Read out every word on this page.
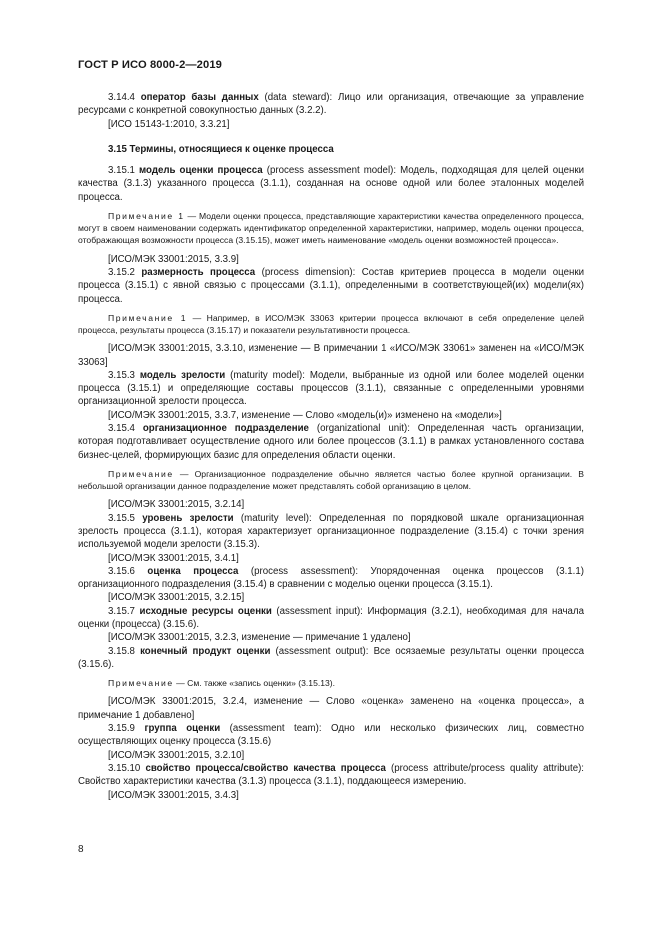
ГОСТ Р ИСО 8000-2—2019

3.14.4 оператор базы данных (data steward): Лицо или организация, отвечающие за управление ресурсами с конкретной совокупностью данных (3.2.2).

[ИСО 15143-1:2010, 3.3.21]

3.15 Термины, относящиеся к оценке процесса

3.15.1 модель оценки процесса (process assessment model): Модель, подходящая для целей оценки качества (3.1.3) указанного процесса (3.1.1), созданная на основе одной или более эталонных моделей процесса.

Примечание 1 — Модели оценки процесса, представляющие характеристики качества определенного процесса, могут в своем наименовании содержать идентификатор определенной характеристики, например, модель оценки процесса, отображающая возможности процесса (3.15.15), может иметь наименование «модель оценки возможностей процесса».

[ИСО/МЭК 33001:2015, 3.3.9]

3.15.2 размерность процесса (process dimension): Состав критериев процесса в модели оценки процесса (3.15.1) с явной связью с процессами (3.1.1), определенными в соответствующей(их) модели(ях) процесса.

Примечание 1 — Например, в ИСО/МЭК 33063 критерии процесса включают в себя определение целей процесса, результаты процесса (3.15.17) и показатели результативности процесса.

[ИСО/МЭК 33001:2015, 3.3.10, изменение — В примечании 1 «ИСО/МЭК 33061» заменен на «ИСО/МЭК 33063]

3.15.3 модель зрелости (maturity model): Модели, выбранные из одной или более моделей оценки процесса (3.15.1) и определяющие составы процессов (3.1.1), связанные с определенными уровнями организационной зрелости процесса.

[ИСО/МЭК 33001:2015, 3.3.7, изменение — Слово «модель(и)» изменено на «модели»]

3.15.4 организационное подразделение (organizational unit): Определенная часть организации, которая подготавливает осуществление одного или более процессов (3.1.1) в рамках установленного состава бизнес-целей, формирующих базис для определения области оценки.

Примечание — Организационное подразделение обычно является частью более крупной организации. В небольшой организации данное подразделение может представлять собой организацию в целом.

[ИСО/МЭК 33001:2015, 3.2.14]

3.15.5 уровень зрелости (maturity level): Определенная по порядковой шкале организационная зрелость процесса (3.1.1), которая характеризует организационное подразделение (3.15.4) с точки зрения используемой модели зрелости (3.15.3).

[ИСО/МЭК 33001:2015, 3.4.1]

3.15.6 оценка процесса (process assessment): Упорядоченная оценка процессов (3.1.1) организационного подразделения (3.15.4) в сравнении с моделью оценки процесса (3.15.1).

[ИСО/МЭК 33001:2015, 3.2.15]

3.15.7 исходные ресурсы оценки (assessment input): Информация (3.2.1), необходимая для начала оценки (процесса) (3.15.6).

[ИСО/МЭК 33001:2015, 3.2.3, изменение — примечание 1 удалено]

3.15.8 конечный продукт оценки (assessment output): Все осязаемые результаты оценки процесса (3.15.6).

Примечание — См. также «запись оценки» (3.15.13).

[ИСО/МЭК 33001:2015, 3.2.4, изменение — Слово «оценка» заменено на «оценка процесса», а примечание 1 добавлено]

3.15.9 группа оценки (assessment team): Одно или несколько физических лиц, совместно осуществляющих оценку процесса (3.15.6)

[ИСО/МЭК 33001:2015, 3.2.10]

3.15.10 свойство процесса/свойство качества процесса (process attribute/process quality attribute): Свойство характеристики качества (3.1.3) процесса (3.1.1), поддающееся измерению.

[ИСО/МЭК 33001:2015, 3.4.3]

8
